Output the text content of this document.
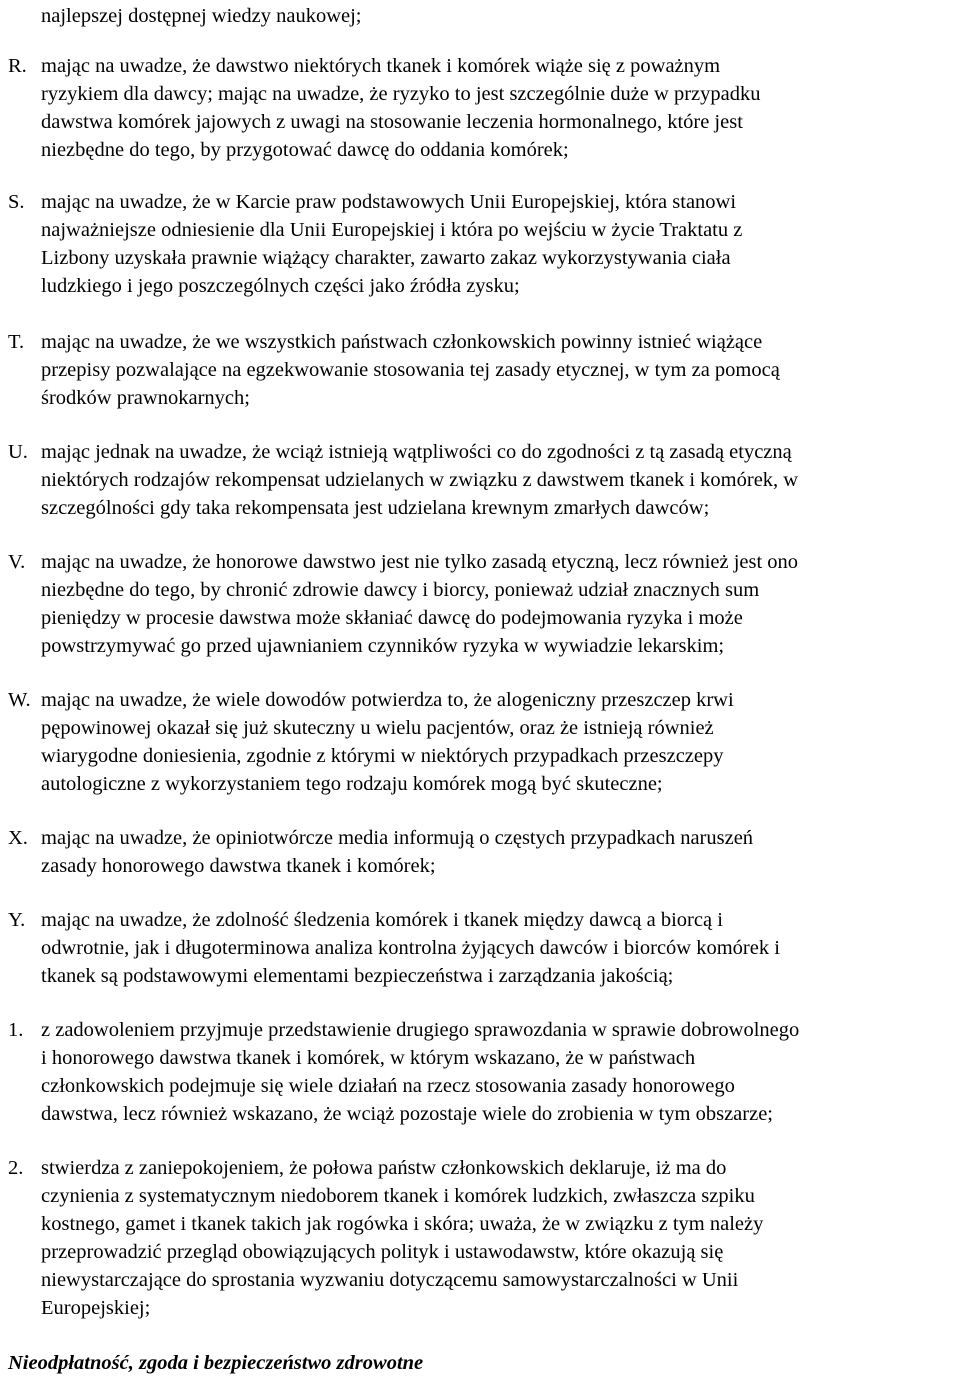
najlepszej dostępnej wiedzy naukowej;
R. mając na uwadze, że dawstwo niektórych tkanek i komórek wiąże się z poważnym
ryzykiem dla dawcy; mając na uwadze, że ryzyko to jest szczególnie duże w przypadku
dawstwa komórek jajowych z uwagi na stosowanie leczenia hormonalnego, które jest
niezbędne do tego, by przygotować dawcę do oddania komórek;
S. mając na uwadze, że w Karcie praw podstawowych Unii Europejskiej, która stanowi
najważniejsze odniesienie dla Unii Europejskiej i która po wejściu w życie Traktatu z
Lizbony uzyskała prawnie wiążący charakter, zawarto zakaz wykorzystywania ciała
ludzkiego i jego poszczególnych części jako źródła zysku;
T. mając na uwadze, że we wszystkich państwach członkowskich powinny istnieć wiążące
przepisy pozwalające na egzekwowanie stosowania tej zasady etycznej, w tym za pomocą
środków prawnokarnych;
U. mając jednak na uwadze, że wciąż istnieją wątpliwości co do zgodności z tą zasadą etyczną
niektórych rodzajów rekompensat udzielanych w związku z dawstwem tkanek i komórek, w
szczególności gdy taka rekompensata jest udzielana krewnym zmarłych dawców;
V. mając na uwadze, że honorowe dawstwo jest nie tylko zasadą etyczną, lecz również jest ono
niezbędne do tego, by chronić zdrowie dawcy i biorcy, ponieważ udział znacznych sum
pieniędzy w procesie dawstwa może skłaniać dawcę do podejmowania ryzyka i może
powstrzymywać go przed ujawnianiem czynników ryzyka w wywiadzie lekarskim;
W. mając na uwadze, że wiele dowodów potwierdza to, że alogeniczny przeszczep krwi
pępowinowej okazał się już skuteczny u wielu pacjentów, oraz że istnieją również
wiarygodne doniesienia, zgodnie z którymi w niektórych przypadkach przeszczepy
autologiczne z wykorzystaniem tego rodzaju komórek mogą być skuteczne;
X. mając na uwadze, że opiniotwórcze media informują o częstych przypadkach naruszeń
zasady honorowego dawstwa tkanek i komórek;
Y. mając na uwadze, że zdolność śledzenia komórek i tkanek między dawcą a biorcą i
odwrotnie, jak i długoterminowa analiza kontrolna żyjących dawców i biorców komórek i
tkanek są podstawowymi elementami bezpieczeństwa i zarządzania jakością;
1. z zadowoleniem przyjmuje przedstawienie drugiego sprawozdania w sprawie dobrowolnego
i honorowego dawstwa tkanek i komórek, w którym wskazano, że w państwach
członkowskich podejmuje się wiele działań na rzecz stosowania zasady honorowego
dawstwa, lecz również wskazano, że wciąż pozostaje wiele do zrobienia w tym obszarze;
2. stwierdza z zaniepokojeniem, że połowa państw członkowskich deklaruje, iż ma do
czynienia z systematycznym niedoborem tkanek i komórek ludzkich, zwłaszcza szpiku
kostnego, gamet i tkanek takich jak rogówka i skóra; uważa, że w związku z tym należy
przeprowadzić przegląd obowiązujących polityk i ustawodawstw, które okazują się
niewystarczające do sprostania wyzwaniu dotyczącemu samowystarczalności w Unii
Europejskiej;
Nieodpłatność, zgoda i bezpieczeństwo zdrowotne
